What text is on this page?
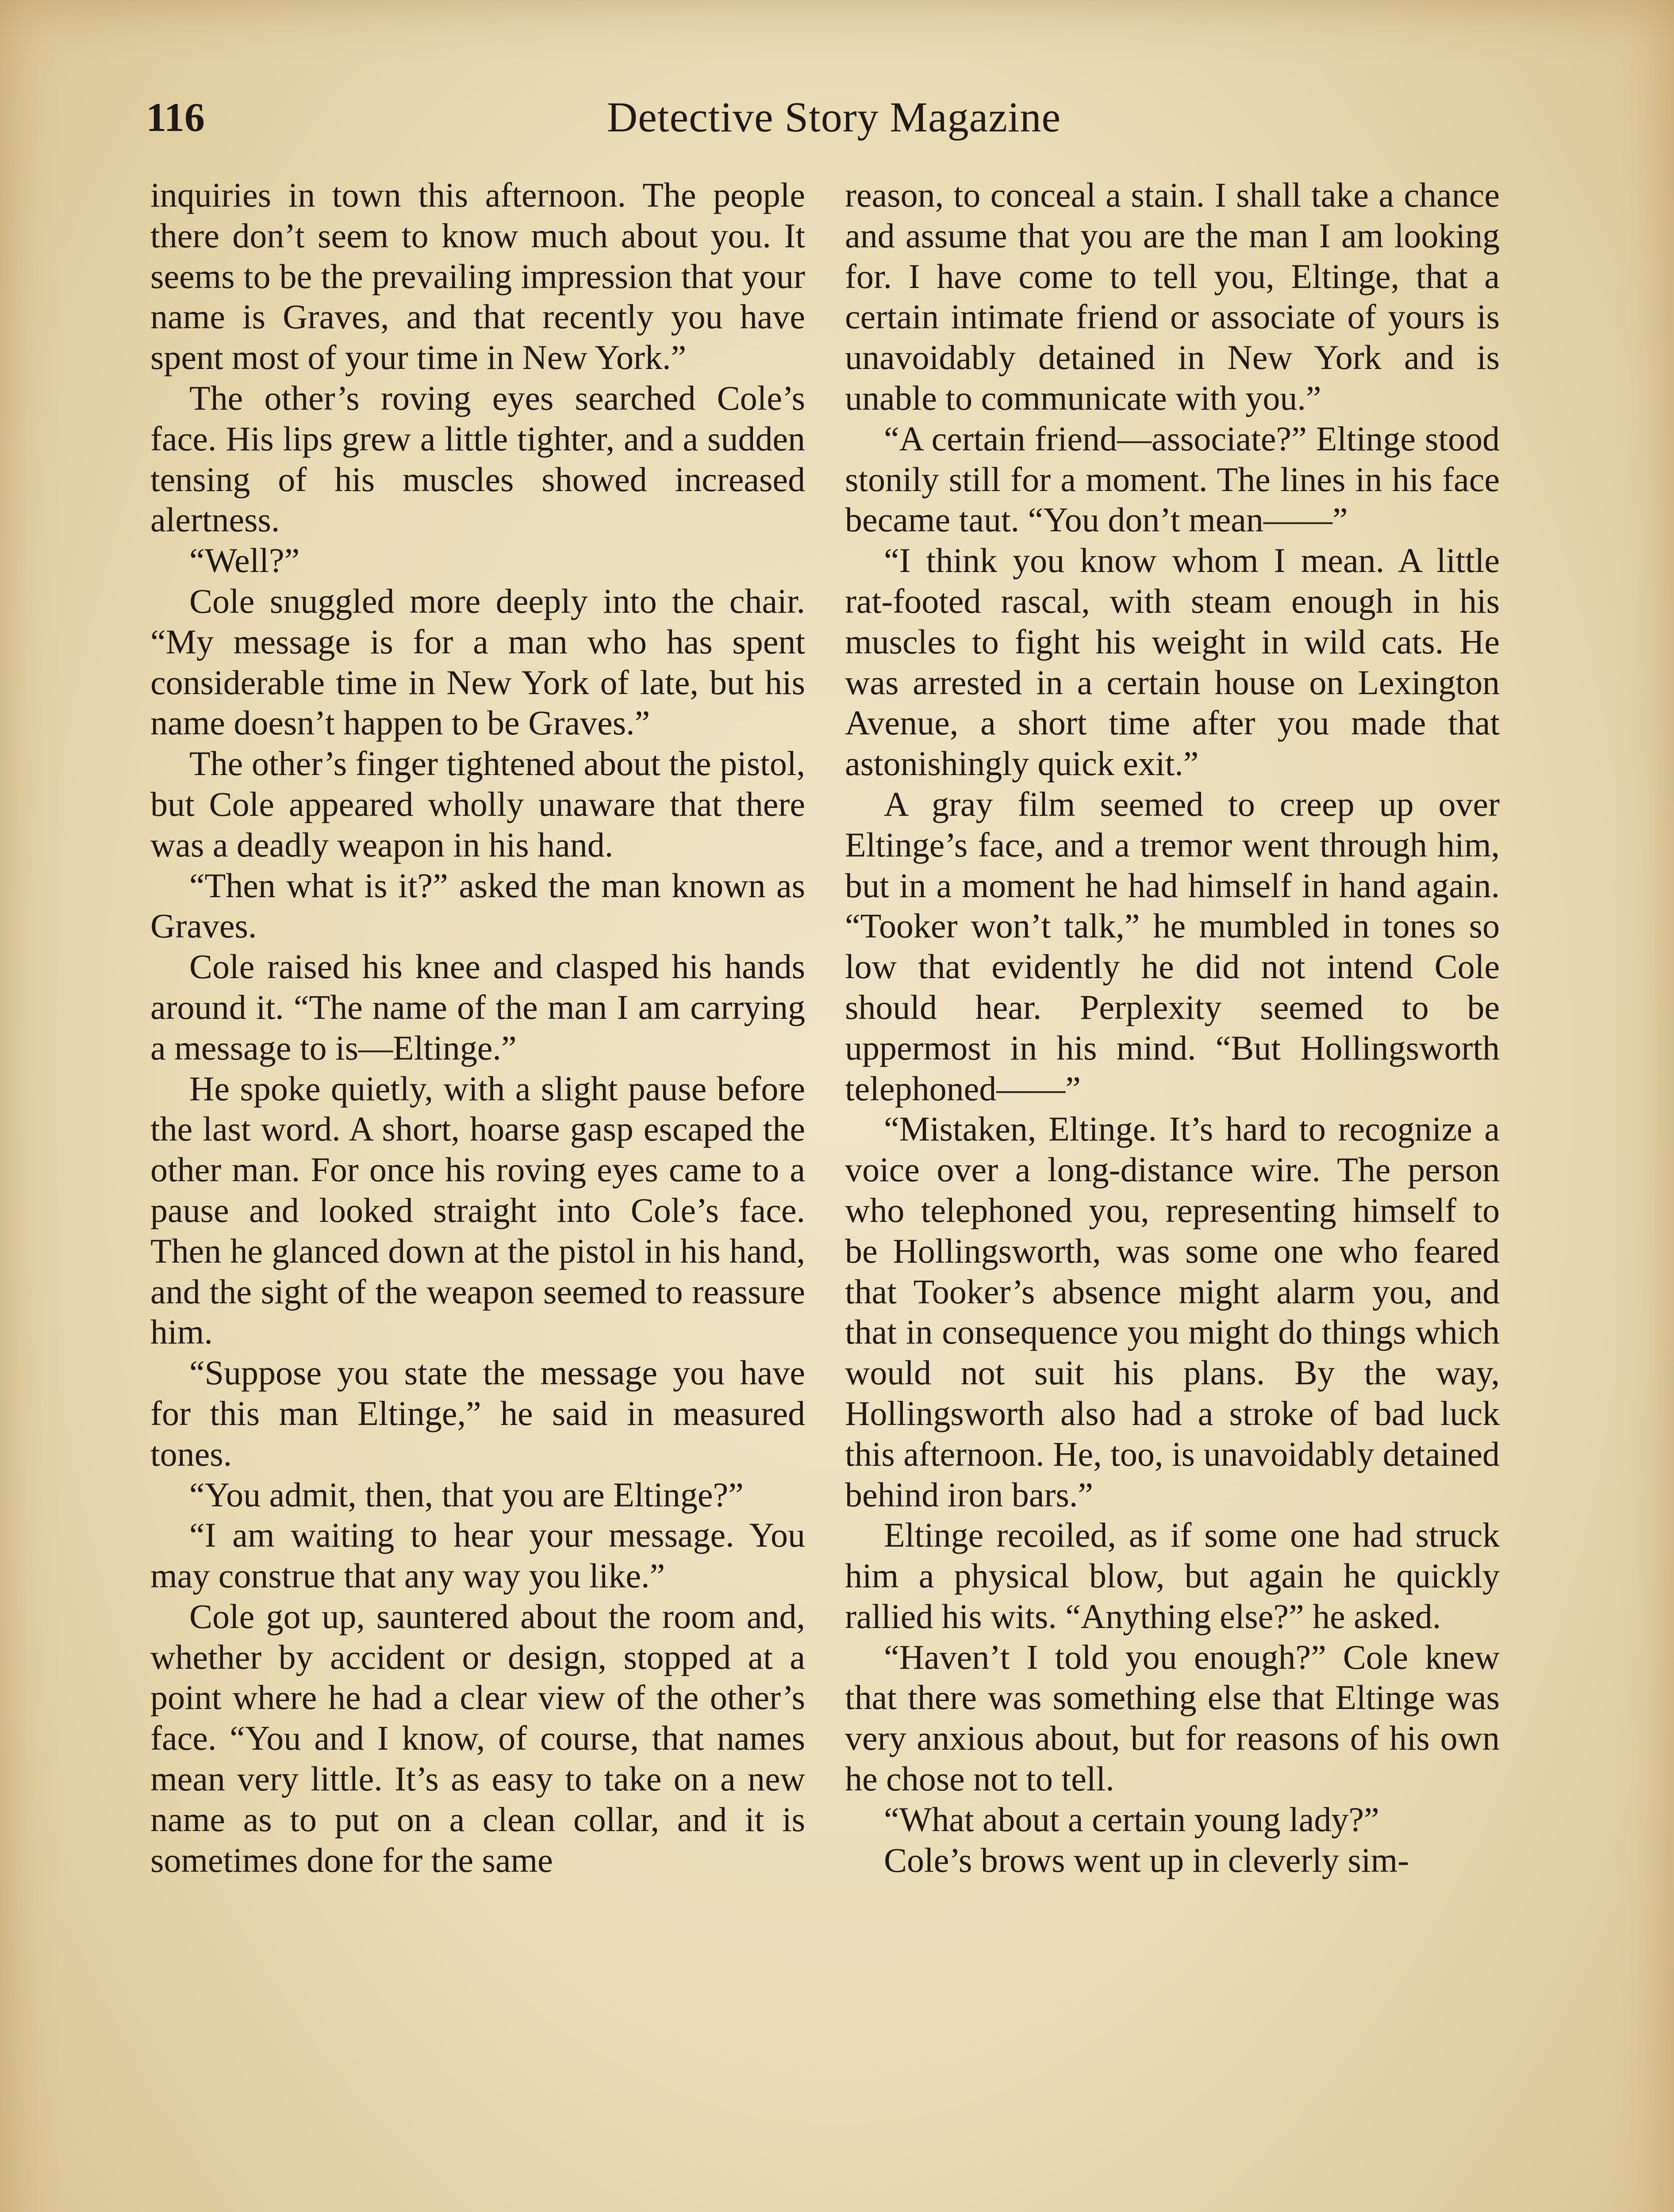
Detective Story Magazine
116

inquiries in town this afternoon. The people there don’t seem to know much about you. It seems to be the prevailing impression that your name is Graves, and that recently you have spent most of your time in New York.”

The other’s roving eyes searched Cole’s face. His lips grew a little tighter, and a sudden tensing of his muscles showed increased alertness.

“Well?”

Cole snuggled more deeply into the chair. “My message is for a man who has spent considerable time in New York of late, but his name doesn’t happen to be Graves.”

The other’s finger tightened about the pistol, but Cole appeared wholly unaware that there was a deadly weapon in his hand.

“Then what is it?” asked the man known as Graves.

Cole raised his knee and clasped his hands around it. “The name of the man I am carrying a message to is—Eltinge.”

He spoke quietly, with a slight pause before the last word. A short, hoarse gasp escaped the other man. For once his roving eyes came to a pause and looked straight into Cole’s face. Then he glanced down at the pistol in his hand, and the sight of the weapon seemed to reassure him.

“Suppose you state the message you have for this man Eltinge,” he said in measured tones.

“You admit, then, that you are Eltinge?”

“I am waiting to hear your message. You may construe that any way you like.”

Cole got up, sauntered about the room and, whether by accident or design, stopped at a point where he had a clear view of the other’s face. “You and I know, of course, that names mean very little. It’s as easy to take on a new name as to put on a clean collar, and it is sometimes done for the same

reason, to conceal a stain. I shall take a chance and assume that you are the man I am looking for. I have come to tell you, Eltinge, that a certain intimate friend or associate of yours is unavoidably detained in New York and is unable to communicate with you.”

“A certain friend—associate?” Eltinge stood stonily still for a moment. The lines in his face became taut. “You don’t mean——”

“I think you know whom I mean. A little rat-footed rascal, with steam enough in his muscles to fight his weight in wild cats. He was arrested in a certain house on Lexington Avenue, a short time after you made that astonishingly quick exit.”

A gray film seemed to creep up over Eltinge’s face, and a tremor went through him, but in a moment he had himself in hand again. “Tooker won’t talk,” he mumbled in tones so low that evidently he did not intend Cole should hear. Perplexity seemed to be uppermost in his mind. “But Hollingsworth telephoned——”

“Mistaken, Eltinge. It’s hard to recognize a voice over a long-distance wire. The person who telephoned you, representing himself to be Hollingsworth, was some one who feared that Tooker’s absence might alarm you, and that in consequence you might do things which would not suit his plans. By the way, Hollingsworth also had a stroke of bad luck this afternoon. He, too, is unavoidably detained behind iron bars.”

Eltinge recoiled, as if some one had struck him a physical blow, but again he quickly rallied his wits. “Anything else?” he asked.

“Haven’t I told you enough?” Cole knew that there was something else that Eltinge was very anxious about, but for reasons of his own he chose not to tell.

“What about a certain young lady?”

Cole’s brows went up in cleverly sim-
